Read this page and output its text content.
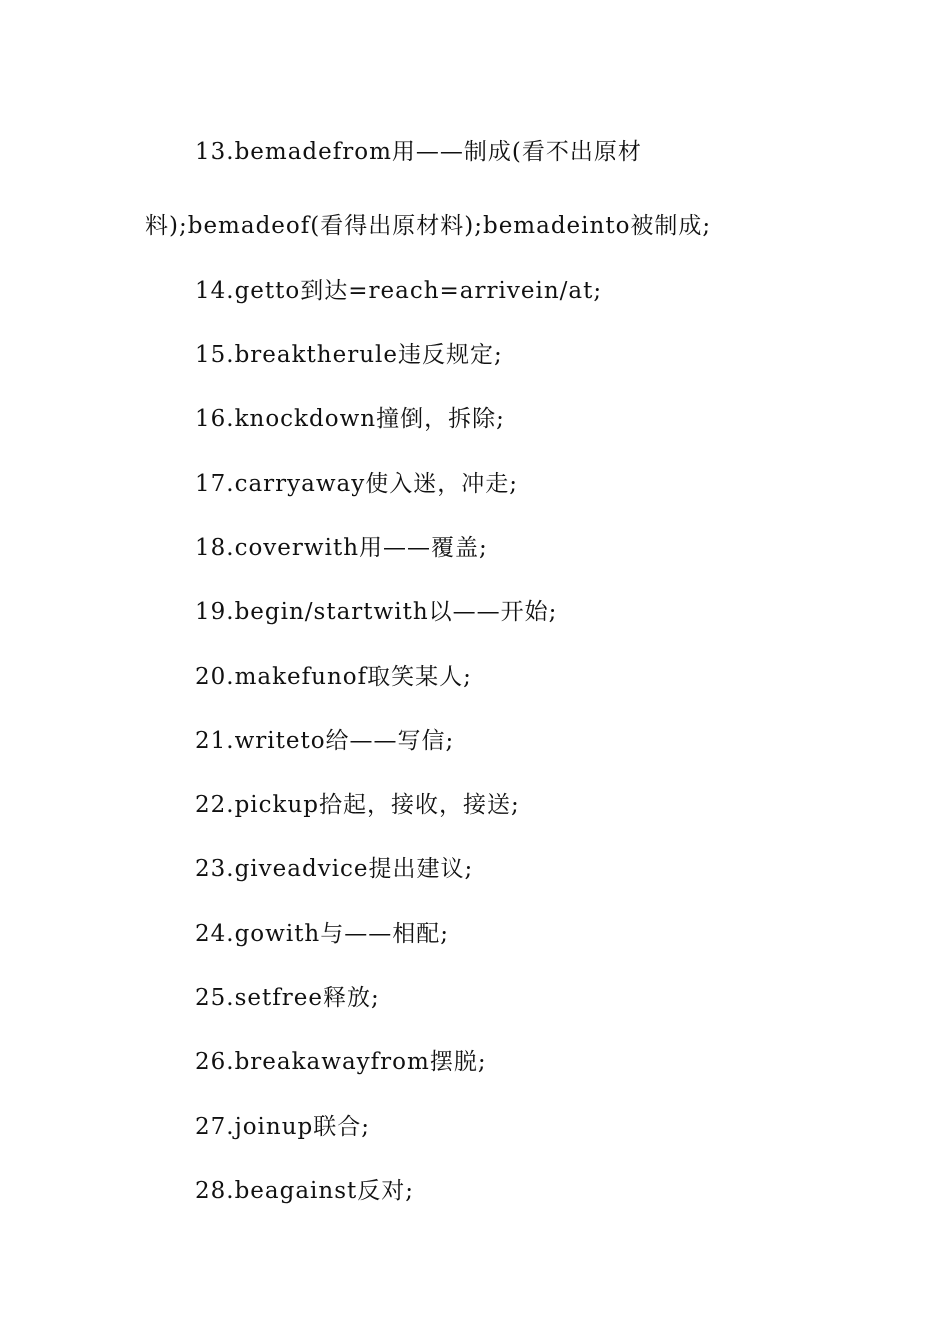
13.bemadefrom用——制成(看不出原材
料);bemadeof(看得出原材料);bemadeinto被制成;
14.getto到达=reach=arrivein/at;
15.breaktherule违反规定;
16.knockdown撞倒，拆除;
17.carryaway使入迷，冲走;
18.coverwith用——覆盖;
19.begin/startwith以——开始;
20.makefunof取笑某人;
21.writeto给——写信;
22.pickup拾起，接收，接送;
23.giveadvice提出建议;
24.gowith与——相配;
25.setfree释放;
26.breakawayfrom摆脱;
27.joinup联合;
28.beagainst反对;
